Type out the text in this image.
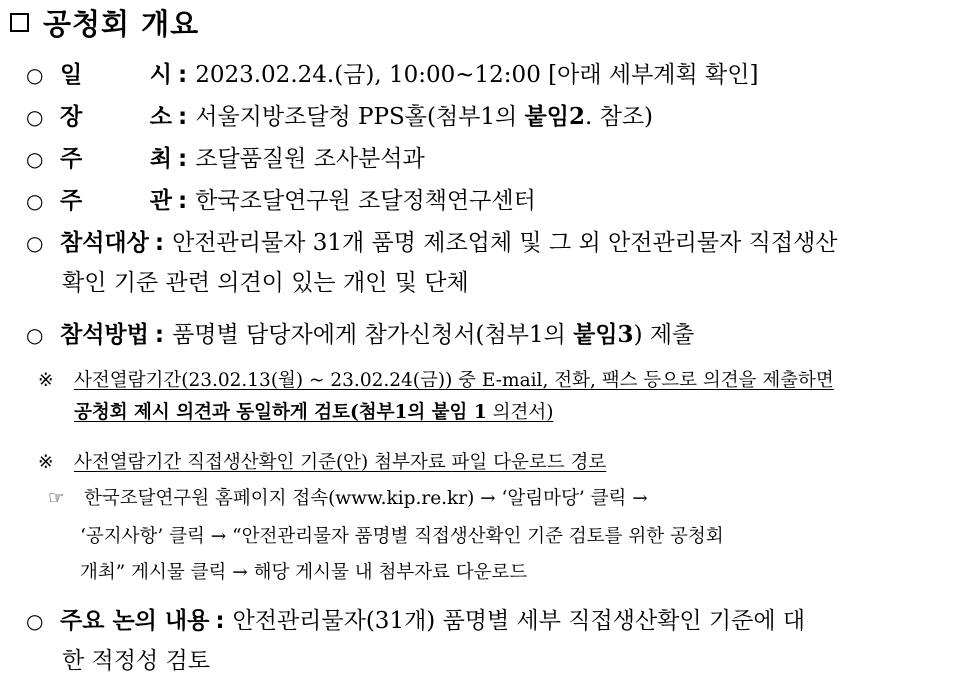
공청회 개요
○ 일	시 : 2023.02.24.(금), 10:00~12:00 [아래 세부계획 확인]
○ 장	소 : 서울지방조달청 PPS홀(첨부1의 붙임2. 참조)
○ 주	최 : 조달품질원 조사분석과
○ 주	관 : 한국조달연구원 조달정책연구센터
○ 참석대상 : 안전관리물자 31개 품명 제조업체 및 그 외 안전관리물자 직접생산
확인 기준 관련 의견이 있는 개인 및 단체
○ 참석방법 : 품명별 담당자에게 참가신청서(첨부1의 붙임3) 제출
※ 사전열람기간(23.02.13(월) ~ 23.02.24(금)) 중 E-mail, 전화, 팩스 등으로 의견을 제출하면
공청회 제시 의견과 동일하게 검토(첨부1의 붙임 1 의견서)
※ 사전열람기간 직접생산확인 기준(안) 첨부자료 파일 다운로드 경로
☞ 한국조달연구원 홈페이지 접속(www.kip.re.kr) → ‘알림마당’ 클릭 →
‘공지사항’ 클릭 → “안전관리물자 품명별 직접생산확인 기준 검토를 위한 공청회
개최” 게시물 클릭 → 해당 게시물 내 첨부자료 다운로드
○ 주요 논의 내용 : 안전관리물자(31개) 품명별 세부 직접생산확인 기준에 대
한 적정성 검토
